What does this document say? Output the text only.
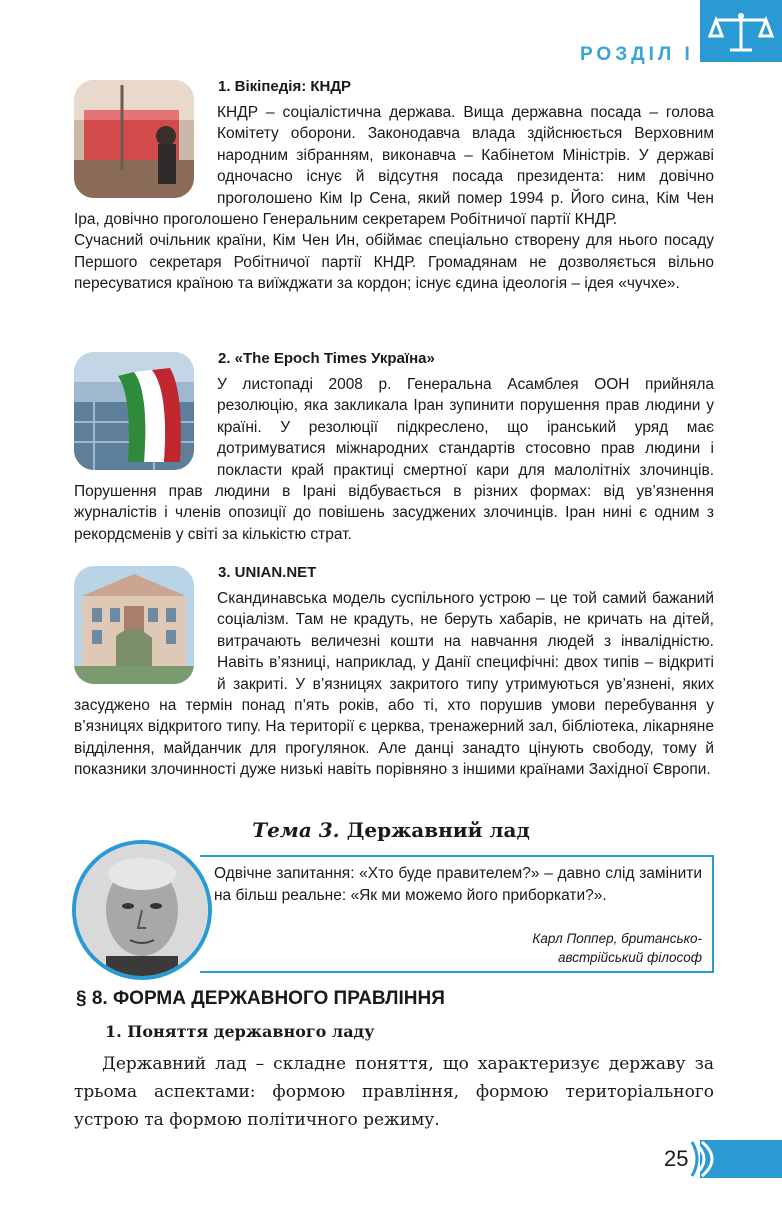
РОЗДІЛ І
1. Вікіпедія: КНДР

КНДР – соціалістична держава. Вища державна посада – голова Комітету оборони. Законодавча влада здійснюється Верховним народним зібранням, виконавча – Кабінетом Міністрів. У державі одночасно існує й відсутня посада президента: ним довічно проголошено Кім Ір Сена, який помер 1994 р. Його сина, Кім Чен Іра, довічно проголошено Генеральним секретарем Робітничої партії КНДР.

Сучасний очільник країни, Кім Чен Ин, обіймає спеціально створену для нього посаду Першого секретаря Робітничої партії КНДР. Громадянам не дозволяється вільно пересуватися країною та виїжджати за кордон; існує єдина ідеологія – ідея «чучхе».

2. «The Epoch Times Україна»

У листопаді 2008 р. Генеральна Асамблея ООН прийняла резолюцію, яка закликала Іран зупинити порушення прав людини у країні. У резолюції підкреслено, що іранський уряд має дотримуватися міжнародних стандартів стосовно прав людини і покласти край практиці смертної кари для малолітніх злочинців. Порушення прав людини в Ірані відбувається в різних формах: від ув’язнення журналістів і членів опозиції до повішень засуджених злочинців. Іран нині є одним з рекордсменів у світі за кількістю страт.

3. UNIAN.NET

Скандинавська модель суспільного устрою – це той самий бажаний соціалізм. Там не крадуть, не беруть хабарів, не кричать на дітей, витрачають величезні кошти на навчання людей з інвалідністю. Навіть в’язниці, наприклад, у Данії специфічні: двох типів – відкриті й закриті. У в’язницях закритого типу утримуються ув’язнені, яких засуджено на термін понад п’ять років, або ті, хто порушив умови перебування у в’язницях відкритого типу. На території є церква, тренажерний зал, бібліотека, лікарняне відділення, майданчик для прогулянок. Але данці занадто цінують свободу, тому й показники злочинності дуже низькі навіть порівняно з іншими країнами Західної Європи.

Тема 3. Державний лад
Одвічне запитання: «Хто буде правителем?» – давно слід замінити на більш реальне: «Як ми можемо його приборкати?».
Карл Поппер, британсько-
австрійський філософ
§ 8. ФОРМА ДЕРЖАВНОГО ПРАВЛІННЯ
1. Поняття державного ладу
Державний лад – складне поняття, що характеризує державу за трьома аспектами: формою правління, формою територіального устрою та формою політичного режиму.
25
